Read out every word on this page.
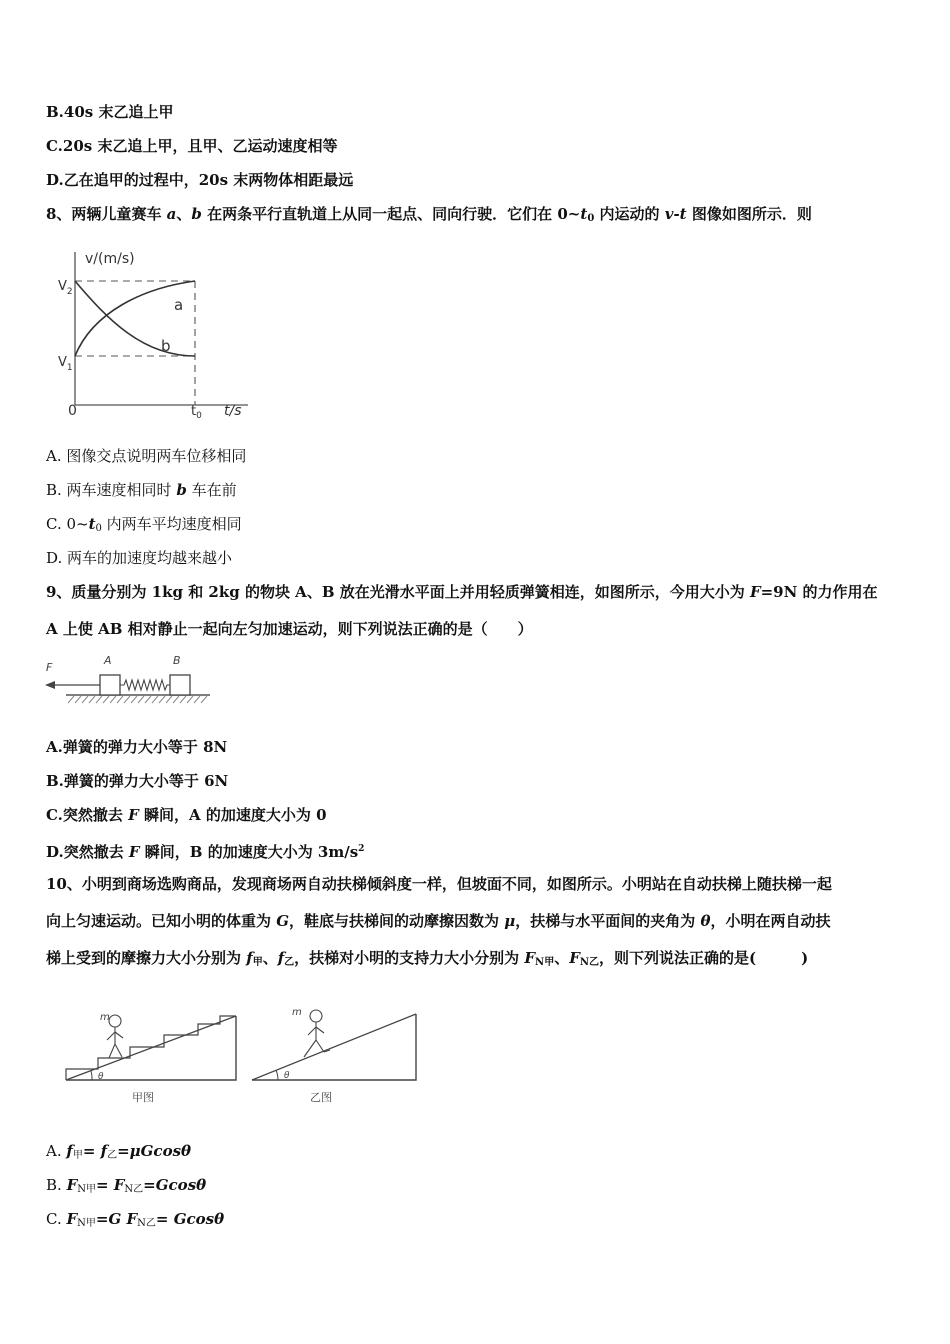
B.40s 末乙追上甲
C.20s 末乙追上甲，且甲、乙运动速度相等
D.乙在追甲的过程中，20s 末两物体相距最远
8、两辆儿童赛车 a、b 在两条平行直轨道上从同一起点、同向行驶．它们在 $0\sim t_0$ 内运动的 v-t 图像如图所示．则
v/(m/s)
$V_2$
$V_1$
0	$t_0$ t/s
a
b
A. 图像交点说明两车位移相同
B. 两车速度相同时 b 车在前
C. $0\sim t_0$ 内两车平均速度相同
D. 两车的加速度均越来越小
9、质量分别为 1kg 和 2kg 的物块 A、B 放在光滑水平面上并用轻质弹簧相连，如图所示，今用大小为 F=9N 的力作用在
A 上使 AB 相对静止一起向左匀加速运动，则下列说法正确的是（　　）
F
A	B
A.弹簧的弹力大小等于 8N
B.弹簧的弹力大小等于 6N
C.突然撤去 F 瞬间，A 的加速度大小为 0
D.突然撤去 F 瞬间，B 的加速度大小为 $3m/s^2$
10、小明到商场选购商品，发现商场两自动扶梯倾斜度一样，但坡面不同，如图所示。小明站在自动扶梯上随扶梯一起
向上匀速运动。已知小明的体重为 G，鞋底与扶梯间的动摩擦因数为 μ，扶梯与水平面间的夹角为 θ，小明在两自动扶
梯上受到的摩擦力大小分别为 $f_甲$、$f_乙$，扶梯对小明的支持力大小分别为 $F_{N甲}$、$F_{N乙}$，则下列说法正确的是(　　　)
m
θ
甲图
m
θ
乙图
A. $f_甲= f_乙=\mu Gcos\theta$
B. $F_{N甲}= F_{N乙}=Gcos\theta$
C. $F_{N甲}=G$ $F_{N乙}= Gcos\theta$
